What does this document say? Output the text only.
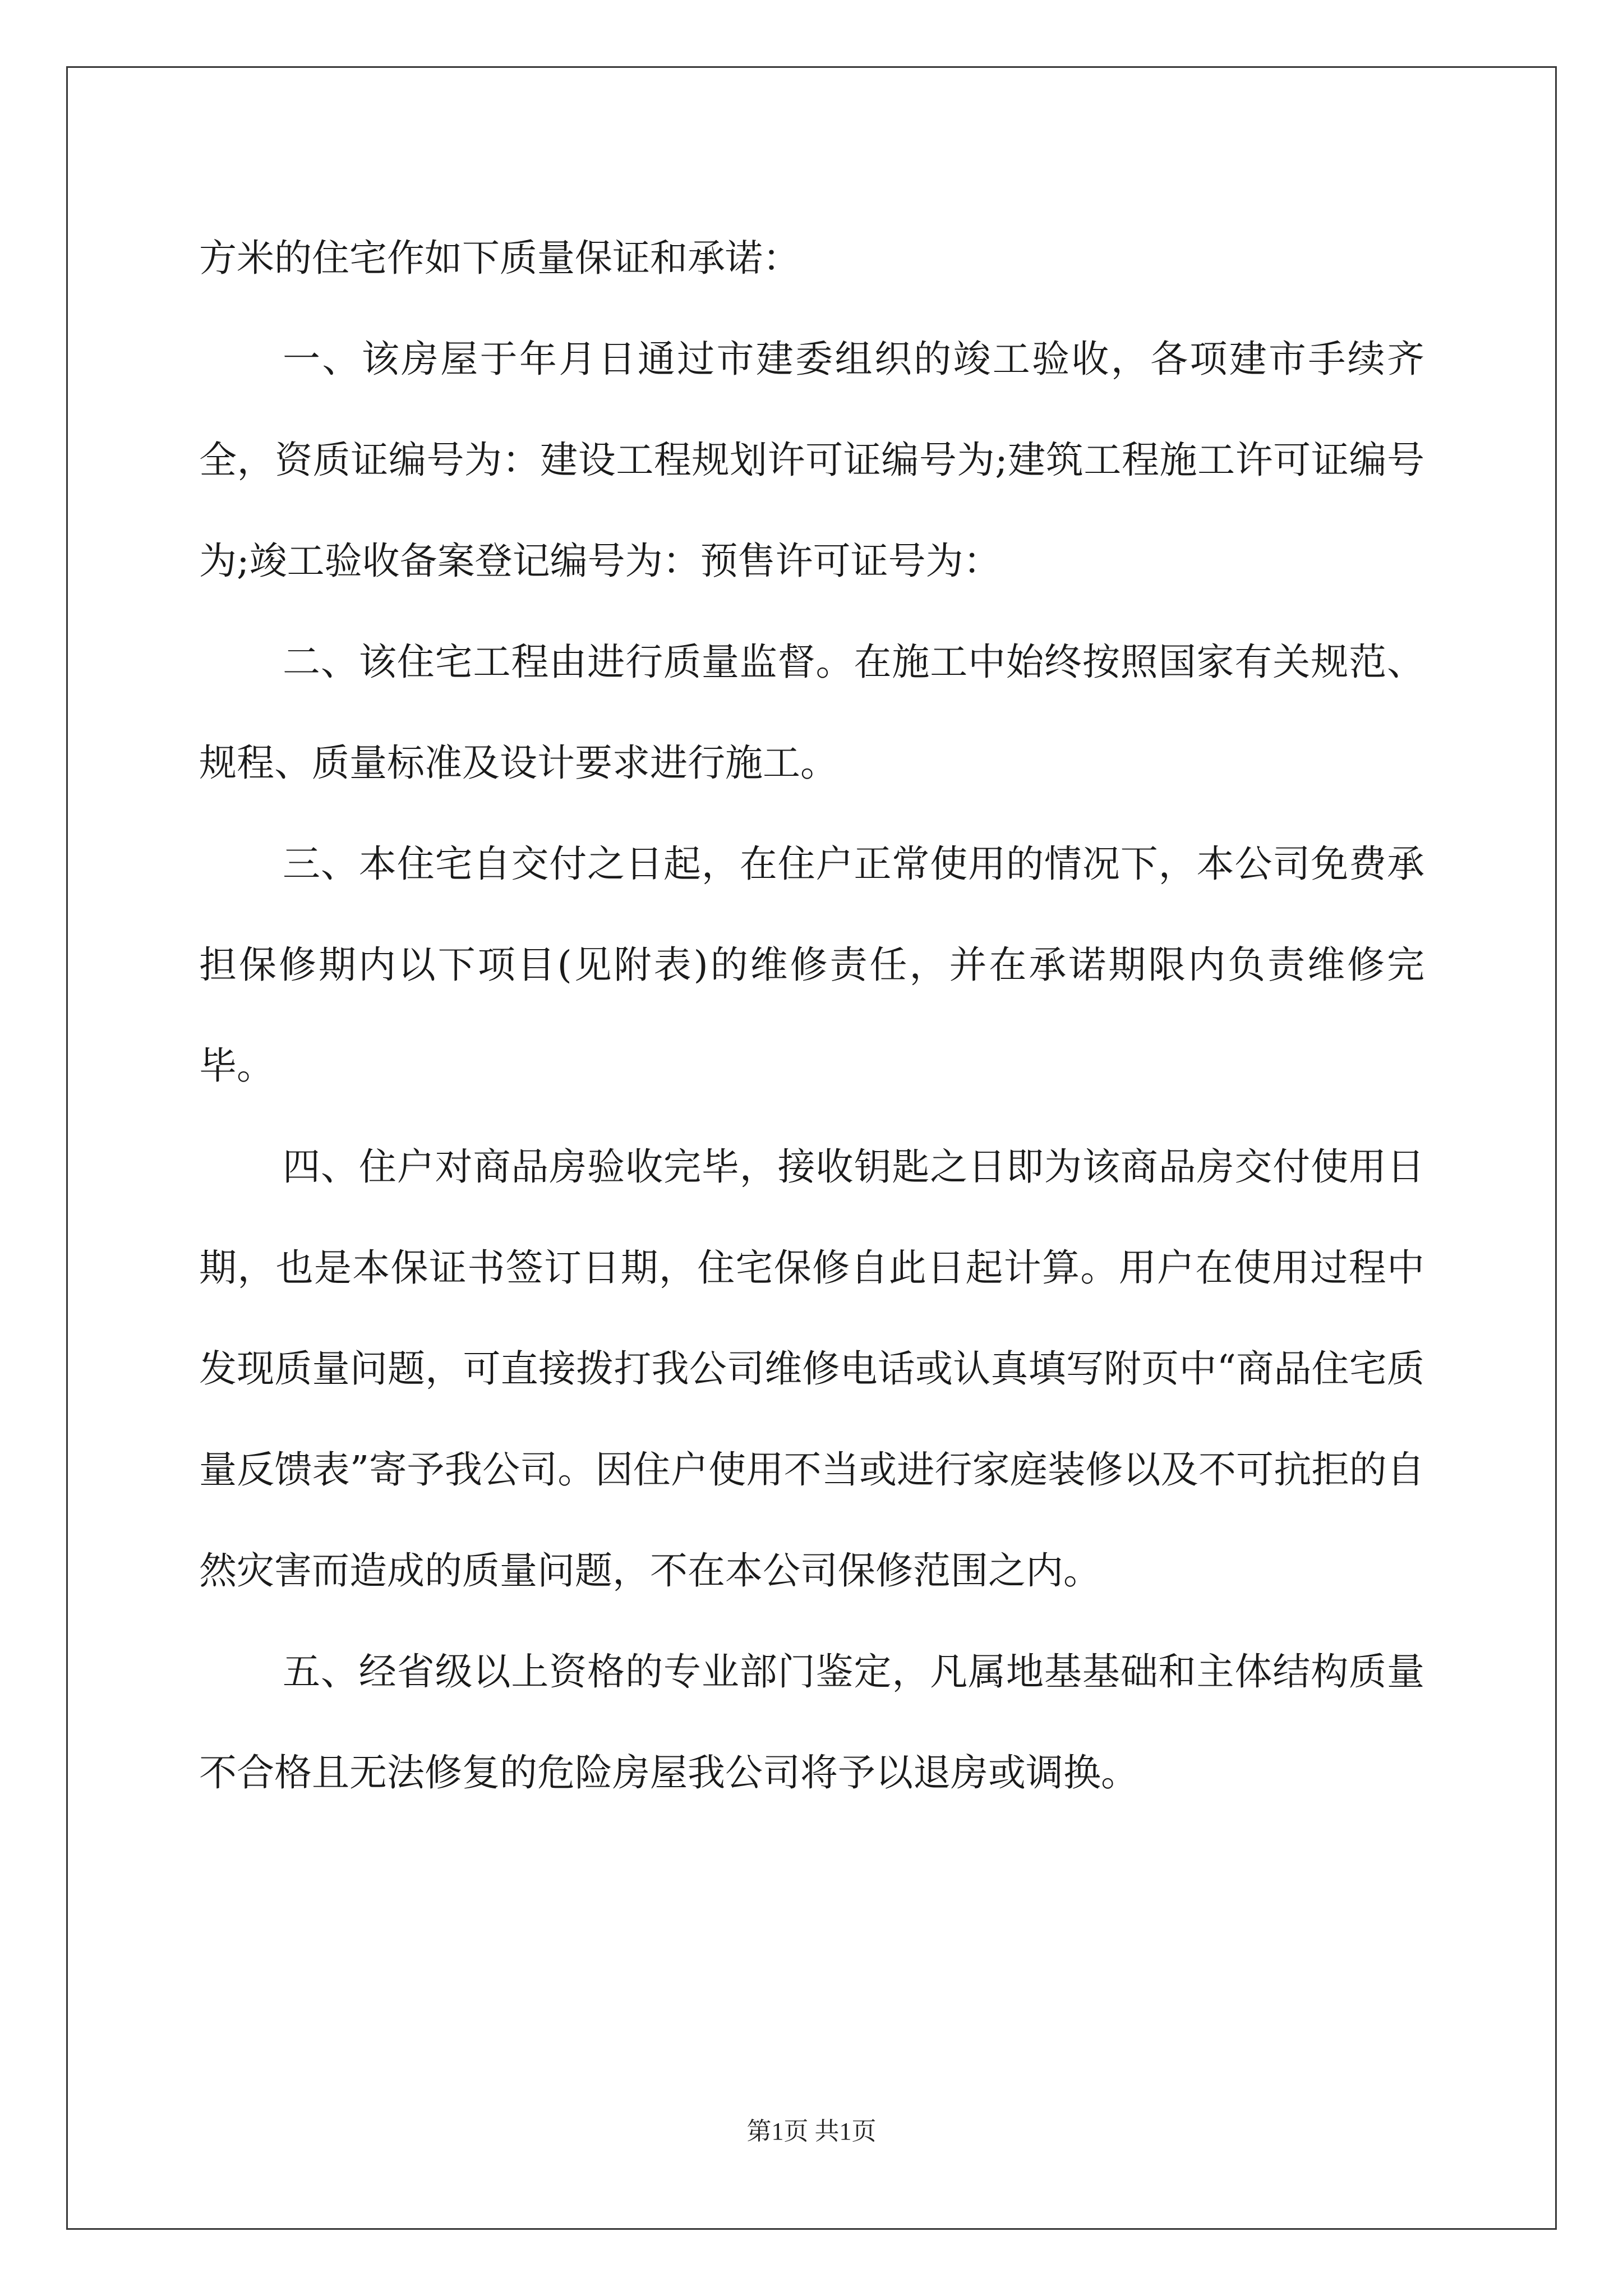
方米的住宅作如下质量保证和承诺：

一、该房屋于年月日通过市建委组织的竣工验收，各项建市手续齐全，资质证编号为：建设工程规划许可证编号为;建筑工程施工许可证编号为;竣工验收备案登记编号为：预售许可证号为：

二、该住宅工程由进行质量监督。在施工中始终按照国家有关规范、规程、质量标准及设计要求进行施工。

三、本住宅自交付之日起，在住户正常使用的情况下，本公司免费承担保修期内以下项目(见附表)的维修责任，并在承诺期限内负责维修完毕。

四、住户对商品房验收完毕，接收钥匙之日即为该商品房交付使用日期，也是本保证书签订日期，住宅保修自此日起计算。用户在使用过程中发现质量问题，可直接拨打我公司维修电话或认真填写附页中“商品住宅质量反馈表”寄予我公司。因住户使用不当或进行家庭装修以及不可抗拒的自然灾害而造成的质量问题，不在本公司保修范围之内。

五、经省级以上资格的专业部门鉴定，凡属地基基础和主体结构质量不合格且无法修复的危险房屋我公司将予以退房或调换。

第1页 共1页
